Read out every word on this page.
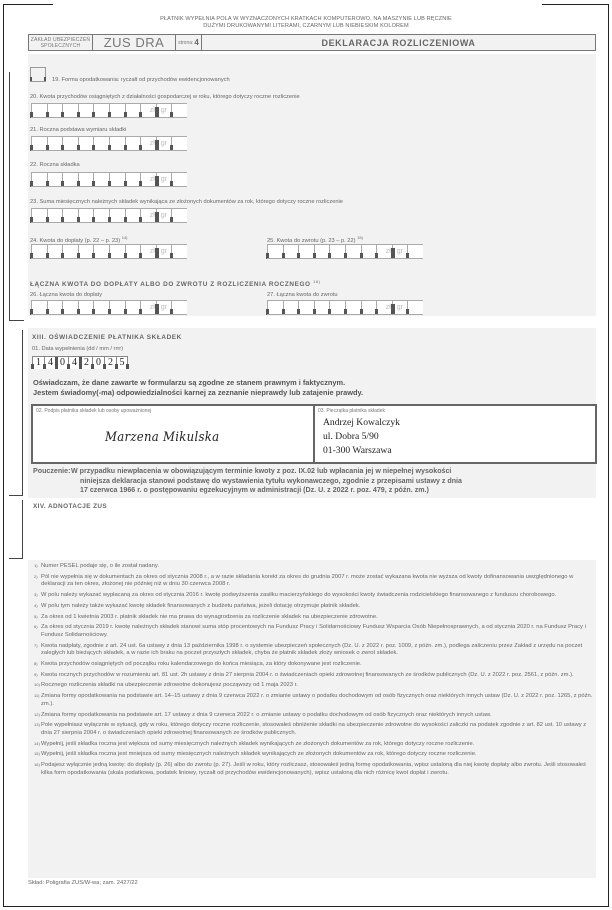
PŁATNIK WYPEŁNIA POLA W WYZNACZONYCH KRATKACH KOMPUTEROWO, NA MASZYNIE LUB RĘCZNIE
DUŻYMI DRUKOWANYMI LITERAMI, CZARNYM LUB NIEBIESKIM KOLOREM
ZAKŁAD UBEZPIECZEŃ
SPOŁECZNYCH	ZUS DRA	strona: 4	DEKLARACJA ROZLICZENIOWA
19. Forma opodatkowania: ryczałt od przychodów ewidencjonowanych
20. Kwota przychodów osiągniętych z działalności gospodarczej w roku, którego dotyczy roczne rozliczenie
zł , gr
21. Roczna podstawa wymiaru składki
zł , gr
22. Roczna składka
zł , gr
23. Suma miesięcznych należnych składek wynikająca ze złożonych dokumentów za rok, którego dotyczy roczne rozliczenie
zł , gr
24. Kwota do dopłaty (p. 22 – p. 23) $^{14)}$
zł , gr
25. Kwota do zwrotu (p. 23 – p. 22) $^{15)}$
zł , gr
ŁĄCZNA KWOTA DO DOPŁATY ALBO DO ZWROTU Z ROZLICZENIA ROCZNEGO $^{16)}$
26. Łączna kwota do dopłaty
zł , gr
27. Łączna kwota do zwrotu
zł , gr
XIII. OŚWIADCZENIE PŁATNIKA SKŁADEK
01. Data wypełnienia (dd / mm / rrrr)
1 4 0 4 2 0 2 5
Oświadczam, że dane zawarte w formularzu są zgodne ze stanem prawnym i faktycznym.
Jestem świadomy(-ma) odpowiedzialności karnej za zeznanie nieprawdy lub zatajenie prawdy.
02. Podpis płatnika składek lub osoby upoważnionej
Marzena Mikulska
03. Pieczątka płatnika składek
Andrzej Kowalczyk
ul. Dobra 5/90
01-300 Warszawa
Pouczenie: W przypadku niewpłacenia w obowiązującym terminie kwoty z poz. IX.02 lub wpłacania jej w niepełnej wysokości
niniejsza deklaracja stanowi podstawę do wystawienia tytułu wykonawczego, zgodnie z przepisami ustawy z dnia
17 czerwca 1966 r. o postępowaniu egzekucyjnym w administracji (Dz. U. z 2022 r. poz. 479, z późn. zm.)
XIV. ADNOTACJE ZUS
1) Numer PESEL podaje się, o ile został nadany.
2) Pól nie wypełnia się w dokumentach za okres od stycznia 2008 r., a w razie składania korekt za okres do grudnia 2007 r. może zostać wykazana kwota nie wyższa od kwoty dofinansowania uwzględnionego w deklaracji za ten okres, złożonej nie później niż w dniu 30 czerwca 2008 r.
3) W polu należy wykazać wypłacaną za okres od stycznia 2016 r. kwotę podwyższenia zasiłku macierzyńskiego do wysokości kwoty świadczenia rodzicielskiego finansowanego z funduszu chorobowego.
4) W polu tym należy także wykazać kwotę składek finansowanych z budżetu państwa, jeżeli dotację otrzymuje płatnik składek.
5) Za okres od 1 kwietnia 2003 r. płatnik składek nie ma prawa do wynagrodzenia za rozliczenie składek na ubezpieczenie zdrowotne.
6) Za okres od stycznia 2019 r. kwotę należnych składek stanowi suma stóp procentowych na Fundusz Pracy i Solidarnościowy Fundusz Wsparcia Osób Niepełnosprawnych, a od stycznia 2020 r. na Fundusz Pracy i Fundusz Solidarnościowy.
7) Kwota nadpłaty, zgodnie z art. 24 ust. 6a ustawy z dnia 13 października 1998 r. o systemie ubezpieczeń społecznych (Dz. U. z 2022 r. poz. 1009, z późn. zm.), podlega zaliczeniu przez Zakład z urzędu na poczet zaległych lub bieżących składek, a w razie ich braku na poczet przyszłych składek, chyba że płatnik składek złoży wniosek o zwrot składek.
8) Kwota przychodów osiągniętych od początku roku kalendarzowego do końca miesiąca, za który dokonywane jest rozliczenie.
9) Kwota rocznych przychodów w rozumieniu art. 81 ust. 2h ustawy z dnia 27 sierpnia 2004 r. o świadczeniach opieki zdrowotnej finansowanych ze środków publicznych (Dz. U. z 2022 r. poz. 2561, z późn. zm.).
10) Rocznego rozliczenia składki na ubezpieczenie zdrowotne dokonujesz począwszy od 1 maja 2023 r.
11) Zmiana formy opodatkowania na podstawie art. 14–15 ustawy z dnia 9 czerwca 2022 r. o zmianie ustawy o podatku dochodowym od osób fizycznych oraz niektórych innych ustaw (Dz. U. z 2022 r. poz. 1265, z późn. zm.).
12) Zmiana formy opodatkowania na podstawie art. 17 ustawy z dnia 9 czerwca 2022 r. o zmianie ustawy o podatku dochodowym od osób fizycznych oraz niektórych innych ustaw.
13) Pole wypełniasz wyłącznie w sytuacji, gdy w roku, którego dotyczy roczne rozliczenie, stosowałeś obniżenie składki na ubezpieczenie zdrowotne do wysokości zaliczki na podatek zgodnie z art. 82 ust. 10 ustawy z dnia 27 sierpnia 2004 r. o świadczeniach opieki zdrowotnej finansowanych ze środków publicznych.
14) Wypełnij, jeśli składka roczna jest większa od sumy miesięcznych należnych składek wynikających ze złożonych dokumentów za rok, którego dotyczy roczne rozliczenie.
15) Wypełnij, jeśli składka roczna jest mniejsza od sumy miesięcznych należnych składek wynikających ze złożonych dokumentów za rok, którego dotyczy roczne rozliczenie.
16) Podajesz wyłącznie jedną kwotę: do dopłaty (p. 26) albo do zwrotu (p. 27). Jeśli w roku, który rozliczasz, stosowałeś jedną formę opodatkowania, wpisz ustaloną dla niej kwotę dopłaty albo zwrotu. Jeśli stosowałeś kilka form opodatkowania (skala podatkowa, podatek liniowy, ryczałt od przychodów ewidencjonowanych), wpisz ustaloną dla nich różnicę kwot dopłat i zwrotu.
Skład: Poligrafia ZUS/W-wa; zam. 2427/22
